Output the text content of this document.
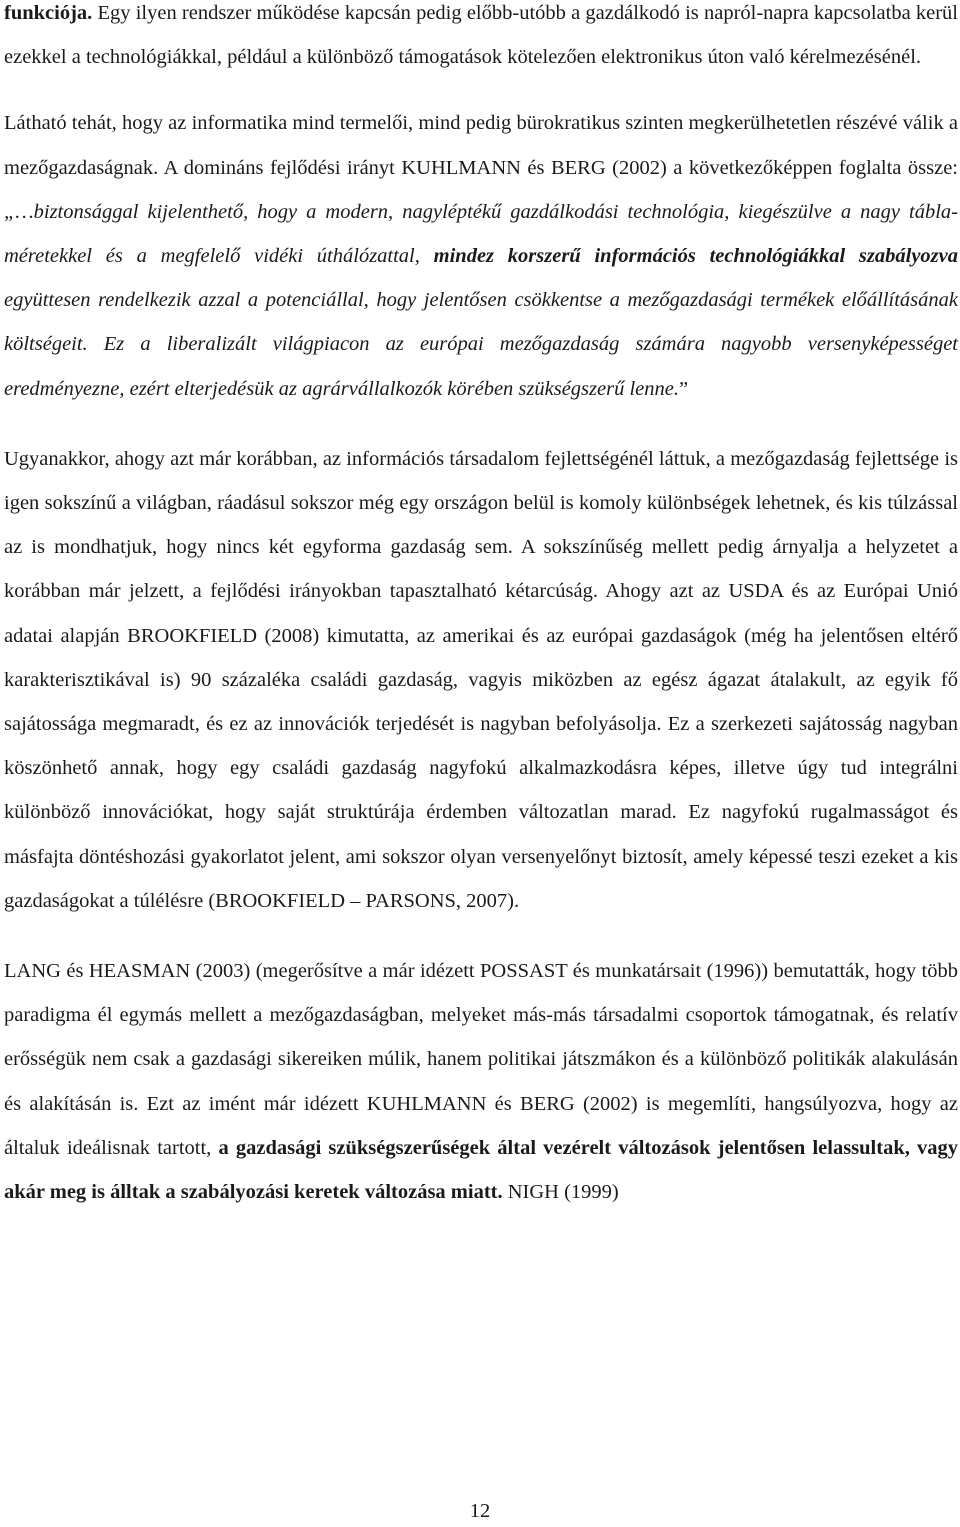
funkciója. Egy ilyen rendszer működése kapcsán pedig előbb-utóbb a gazdálkodó is napról-napra kapcsolatba kerül ezekkel a technológiákkal, például a különböző támogatások kötelezően elektronikus úton való kérelmezésénél.

Látható tehát, hogy az informatika mind termelői, mind pedig bürokratikus szinten megkerülhetetlen részévé válik a mezőgazdaságnak. A domináns fejlődési irányt KUHLMANN és BERG (2002) a következőképpen foglalta össze: „…biztonsággal kijelenthető, hogy a modern, nagyléptékű gazdálkodási technológia, kiegészülve a nagy táblaméretekkel és a megfelelő vidéki úthálózattal, mindez korszerű információs technológiákkal szabályozva együttesen rendelkezik azzal a potenciállal, hogy jelentősen csökkentse a mezőgazdasági termékek előállításának költségeit. Ez a liberalizált világpiacon az európai mezőgazdaság számára nagyobb versenyképességet eredményezne, ezért elterjedésük az agrárvállalkozók körében szükségszerű lenne.”

Ugyanakkor, ahogy azt már korábban, az információs társadalom fejlettségénél láttuk, a mezőgazdaság fejlettsége is igen sokszínű a világban, ráadásul sokszor még egy országon belül is komoly különbségek lehetnek, és kis túlzással az is mondhatjuk, hogy nincs két egyforma gazdaság sem. A sokszínűség mellett pedig árnyalja a helyzetet a korábban már jelzett, a fejlődési irányokban tapasztalható kétarcúság. Ahogy azt az USDA és az Európai Unió adatai alapján BROOKFIELD (2008) kimutatta, az amerikai és az európai gazdaságok (még ha jelentősen eltérő karakterisztikával is) 90 százaléka családi gazdaság, vagyis miközben az egész ágazat átalakult, az egyik fő sajátossága megmaradt, és ez az innovációk terjedését is nagyban befolyásolja. Ez a szerkezeti sajátosság nagyban köszönhető annak, hogy egy családi gazdaság nagyfokú alkalmazkodásra képes, illetve úgy tud integrálni különböző innovációkat, hogy saját struktúrája érdemben változatlan marad. Ez nagyfokú rugalmasságot és másfajta döntéshozási gyakorlatot jelent, ami sokszor olyan versenyelőnyt biztosít, amely képessé teszi ezeket a kis gazdaságokat a túlélésre (BROOKFIELD – PARSONS, 2007).

LANG és HEASMAN (2003) (megerősítve a már idézett POSSAST és munkatársait (1996)) bemutatták, hogy több paradigma él egymás mellett a mezőgazdaságban, melyeket más-más társadalmi csoportok támogatnak, és relatív erősségük nem csak a gazdasági sikereiken múlik, hanem politikai játszmákon és a különböző politikák alakulásán és alakításán is. Ezt az imént már idézett KUHLMANN és BERG (2002) is megemlíti, hangsúlyozva, hogy az általuk ideálisnak tartott, a gazdasági szükségszerűségek által vezérelt változások jelentősen lelassultak, vagy akár meg is álltak a szabályozási keretek változása miatt. NIGH (1999)

12
